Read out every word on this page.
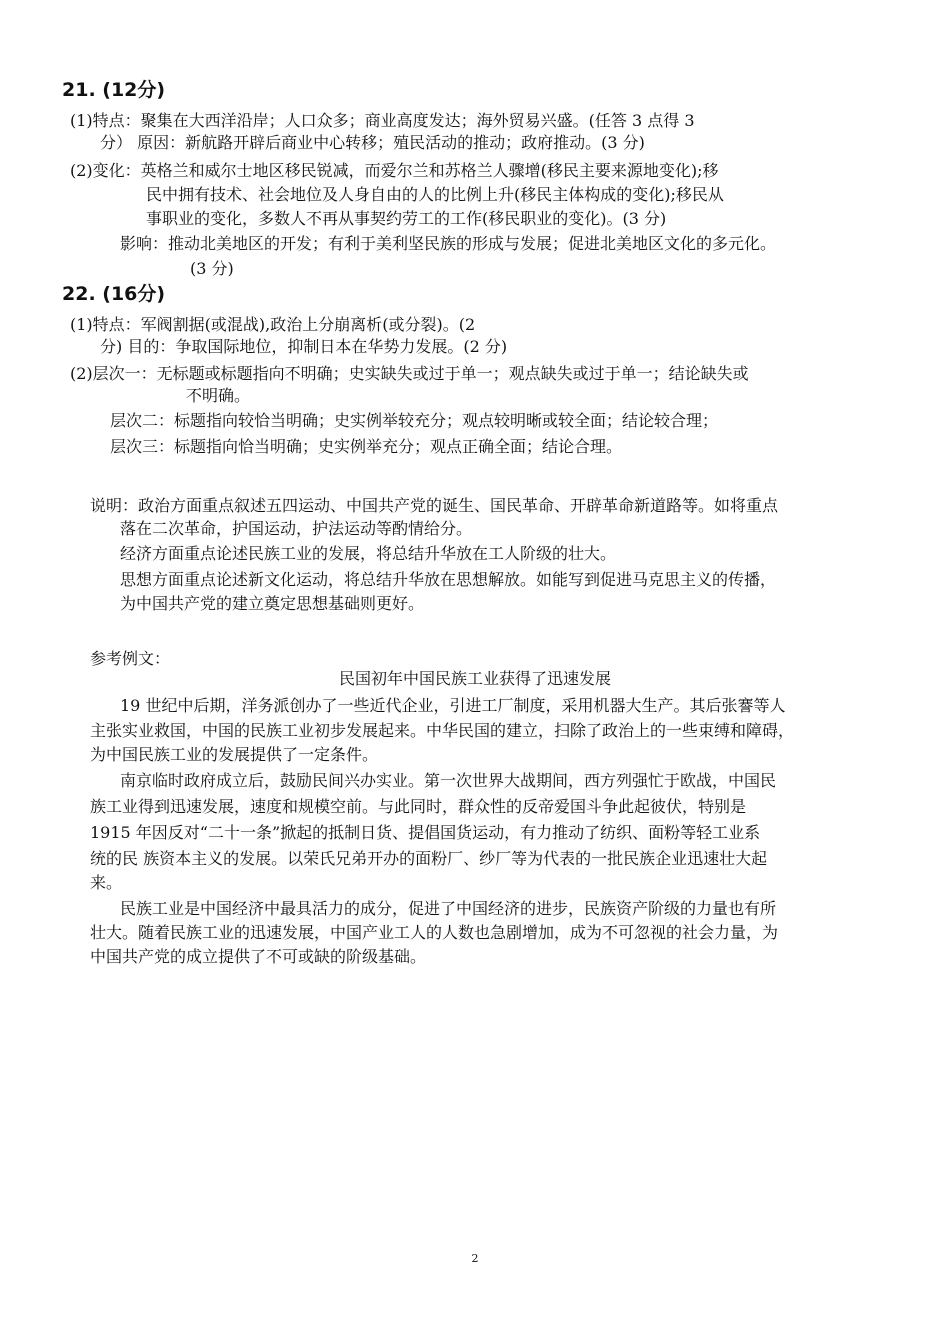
21. (12分)
(1)特点：聚集在大西洋沿岸；人口众多；商业高度发达；海外贸易兴盛。(任答 3 点得 3
分） 原因：新航路开辟后商业中心转移；殖民活动的推动；政府推动。(3 分)
(2)变化：英格兰和威尔士地区移民锐减，而爱尔兰和苏格兰人骤增(移民主要来源地变化);移
民中拥有技术、社会地位及人身自由的人的比例上升(移民主体构成的变化);移民从
事职业的变化，多数人不再从事契约劳工的工作(移民职业的变化)。(3 分)
影响：推动北美地区的开发；有利于美利坚民族的形成与发展；促进北美地区文化的多元化。
(3 分)
22. (16分)
(1)特点：军阀割据(或混战),政治上分崩离析(或分裂)。(2
分) 目的：争取国际地位，抑制日本在华势力发展。(2 分)
(2)层次一：无标题或标题指向不明确；史实缺失或过于单一；观点缺失或过于单一；结论缺失或
不明确。
层次二：标题指向较恰当明确；史实例举较充分；观点较明晰或较全面；结论较合理；
层次三：标题指向恰当明确；史实例举充分；观点正确全面；结论合理。
说明：政治方面重点叙述五四运动、中国共产党的诞生、国民革命、开辟革命新道路等。如将重点
落在二次革命，护国运动，护法运动等酌情给分。
经济方面重点论述民族工业的发展，将总结升华放在工人阶级的壮大。
思想方面重点论述新文化运动，将总结升华放在思想解放。如能写到促进马克思主义的传播，
为中国共产党的建立奠定思想基础则更好。
参考例文：
民国初年中国民族工业获得了迅速发展
19 世纪中后期，洋务派创办了一些近代企业，引进工厂制度，采用机器大生产。其后张謇等人
主张实业救国，中国的民族工业初步发展起来。中华民国的建立，扫除了政治上的一些束缚和障碍，
为中国民族工业的发展提供了一定条件。
南京临时政府成立后，鼓励民间兴办实业。第一次世界大战期间，西方列强忙于欧战，中国民
族工业得到迅速发展，速度和规模空前。与此同时，群众性的反帝爱国斗争此起彼伏，特别是
1915 年因反对“二十一条”掀起的抵制日货、提倡国货运动，有力推动了纺织、面粉等轻工业系
统的民 族资本主义的发展。以荣氏兄弟开办的面粉厂、纱厂等为代表的一批民族企业迅速壮大起
来。
民族工业是中国经济中最具活力的成分，促进了中国经济的进步，民族资产阶级的力量也有所
壮大。随着民族工业的迅速发展，中国产业工人的人数也急剧增加，成为不可忽视的社会力量，为
中国共产党的成立提供了不可或缺的阶级基础。
2
